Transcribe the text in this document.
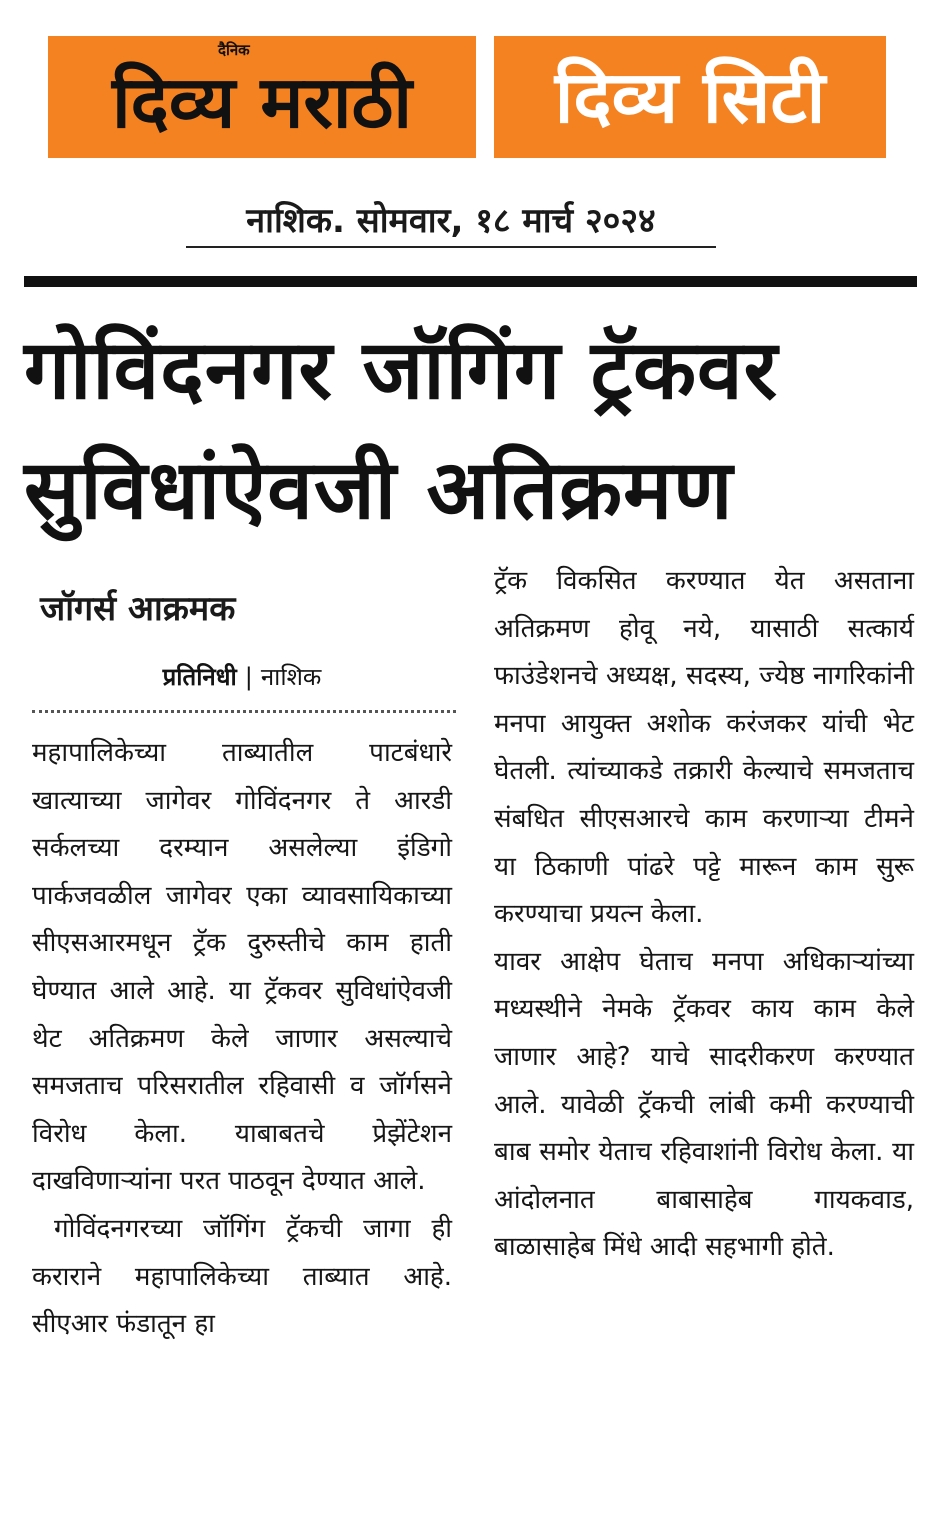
दैनिक
दिव्य मराठी दिव्य सिटी
नाशिक. सोमवार, १८ मार्च २०२४
गोविंदनगर जॉगिंग ट्रॅकवर
सुविधांऐवजी अतिक्रमण
जॉगर्स आक्रमक
प्रतिनिधी | नाशिक

महापालिकेच्या ताब्यातील पाटबंधारे खात्याच्या जागेवर गोविंदनगर ते आरडी सर्कलच्या दरम्यान असलेल्या इंडिगो पार्कजवळील जागेवर एका व्यावसायिकाच्या सीएसआरमधून ट्रॅक दुरुस्तीचे काम हाती घेण्यात आले आहे. या ट्रॅकवर सुविधांऐवजी थेट अतिक्रमण केले जाणार असल्याचे समजताच परिसरातील रहिवासी व जॉर्गसने विरोध केला. याबाबतचे प्रेझेंटेशन दाखविणाऱ्यांना परत पाठवून देण्यात आले.

गोविंदनगरच्या जॉगिंग ट्रॅकची जागा ही कराराने महापालिकेच्या ताब्यात आहे. सीएआर फंडातून हा

ट्रॅक विकसित करण्यात येत असताना अतिक्रमण होवू नये, यासाठी सत्कार्य फाउंडेशनचे अध्यक्ष, सदस्य, ज्येष्ठ नागरिकांनी मनपा आयुक्त अशोक करंजकर यांची भेट घेतली. त्यांच्याकडे तक्रारी केल्याचे समजताच संबधित सीएसआरचे काम करणाऱ्या टीमने या ठिकाणी पांढरे पट्टे मारून काम सुरू करण्याचा प्रयत्न केला.

यावर आक्षेप घेताच मनपा अधिकाऱ्यांच्या मध्यस्थीने नेमके ट्रॅकवर काय काम केले जाणार आहे? याचे सादरीकरण करण्यात आले. यावेळी ट्रॅकची लांबी कमी करण्याची बाब समोर येताच रहिवाशांनी विरोध केला. या आंदोलनात बाबासाहेब गायकवाड, बाळासाहेब मिंधे आदी सहभागी होते.
